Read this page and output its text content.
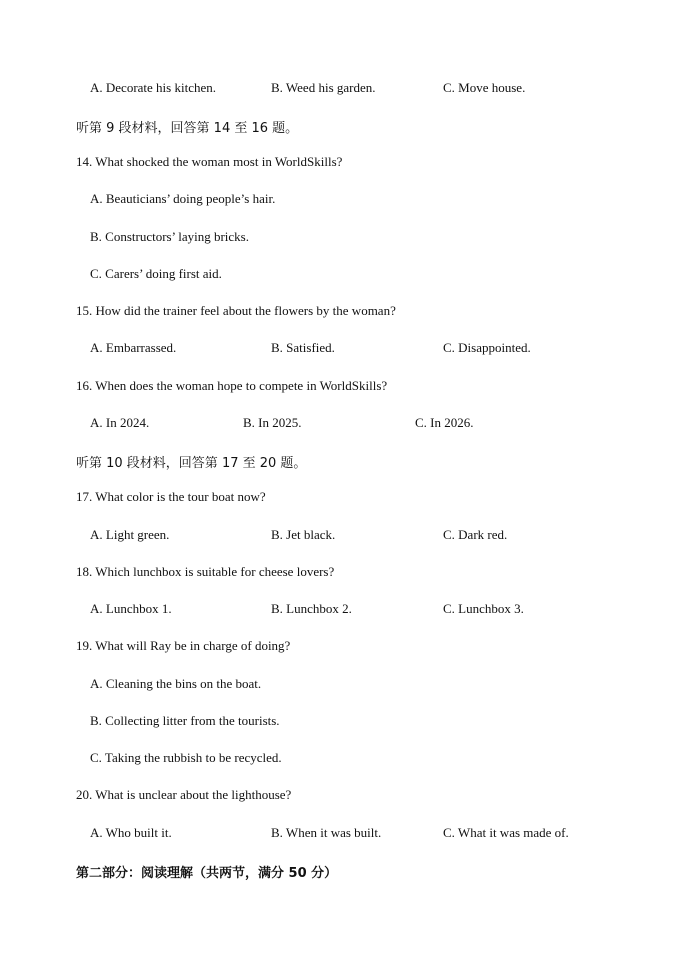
A. Decorate his kitchen.	B. Weed his garden.	C. Move house.
听第 9 段材料，回答第 14 至 16 题。
14. What shocked the woman most in WorldSkills?
A. Beauticians’ doing people’s hair.
B. Constructors’ laying bricks.
C. Carers’ doing first aid.
15. How did the trainer feel about the flowers by the woman?
A. Embarrassed.	B. Satisfied.	C. Disappointed.
16. When does the woman hope to compete in WorldSkills?
A. In 2024.	B. In 2025.	C. In 2026.
听第 10 段材料，回答第 17 至 20 题。
17. What color is the tour boat now?
A. Light green.	B. Jet black.	C. Dark red.
18. Which lunchbox is suitable for cheese lovers?
A. Lunchbox 1.	B. Lunchbox 2.	C. Lunchbox 3.
19. What will Ray be in charge of doing?
A. Cleaning the bins on the boat.
B. Collecting litter from the tourists.
C. Taking the rubbish to be recycled.
20. What is unclear about the lighthouse?
A. Who built it.	B. When it was built.	C. What it was made of.
第二部分：阅读理解（共两节，满分 50 分）
